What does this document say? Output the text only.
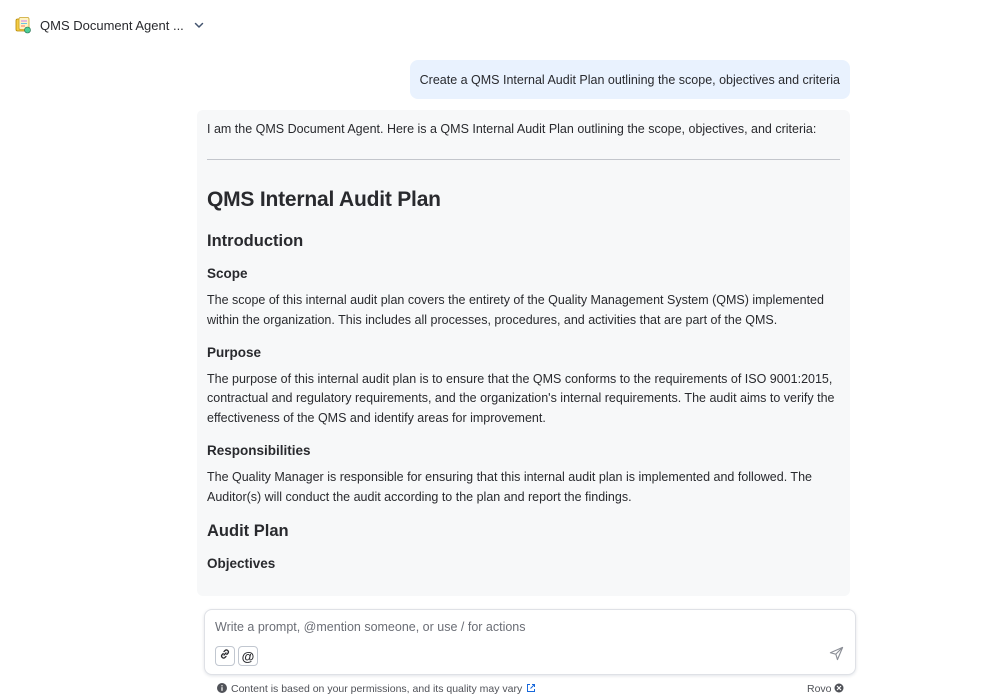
QMS Document Agent ...
Create a QMS Internal Audit Plan outlining the scope, objectives and criteria
I am the QMS Document Agent. Here is a QMS Internal Audit Plan outlining the scope, objectives, and criteria:
QMS Internal Audit Plan
Introduction
Scope
The scope of this internal audit plan covers the entirety of the Quality Management System (QMS) implemented within the organization. This includes all processes, procedures, and activities that are part of the QMS.
Purpose
The purpose of this internal audit plan is to ensure that the QMS conforms to the requirements of ISO 9001:2015, contractual and regulatory requirements, and the organization's internal requirements. The audit aims to verify the effectiveness of the QMS and identify areas for improvement.
Responsibilities
The Quality Manager is responsible for ensuring that this internal audit plan is implemented and followed. The Auditor(s) will conduct the audit according to the plan and report the findings.
Audit Plan
Objectives
Write a prompt, @mention someone, or use / for actions
@
Content is based on your permissions, and its quality may vary	Rovo
